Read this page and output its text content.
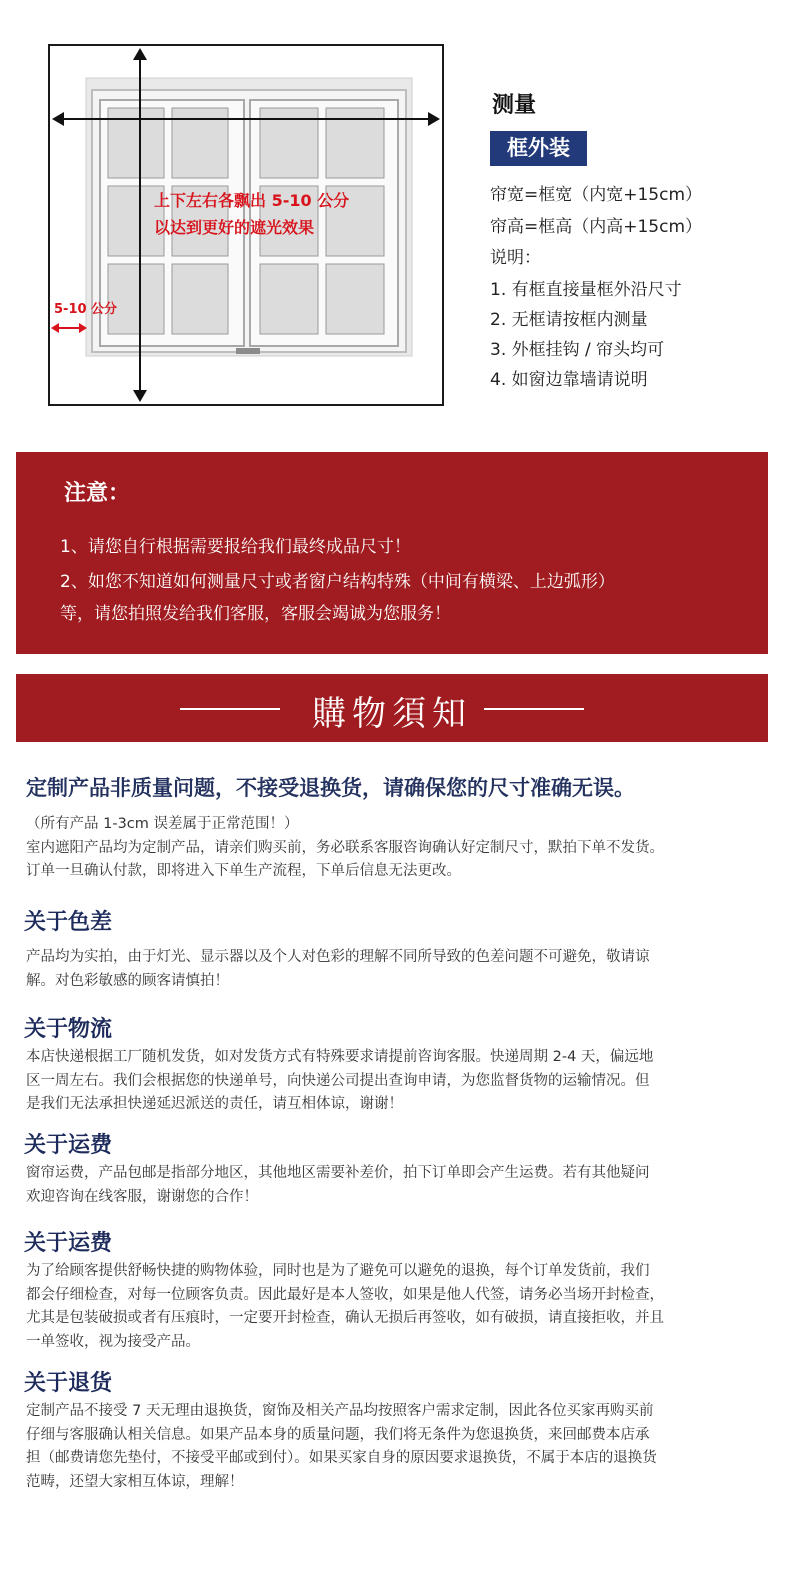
上下左右各飘出 5-10 公分
以达到更好的遮光效果
5-10 公分
测量
框外装
帘宽=框宽（内宽+15cm）
帘高=框高（内高+15cm）
说明：
1. 有框直接量框外沿尺寸
2. 无框请按框内测量
3. 外框挂钩 / 帘头均可
4. 如窗边靠墙请说明
注意：
1、请您自行根据需要报给我们最终成品尺寸！
2、如您不知道如何测量尺寸或者窗户结构特殊（中间有横梁、上边弧形）
等，请您拍照发给我们客服，客服会竭诚为您服务！
購物須知
定制产品非质量问题，不接受退换货，请确保您的尺寸准确无误。
（所有产品 1-3cm 误差属于正常范围！）
室内遮阳产品均为定制产品，请亲们购买前，务必联系客服咨询确认好定制尺寸，默拍下单不发货。
订单一旦确认付款，即将进入下单生产流程，下单后信息无法更改。
关于色差
产品均为实拍，由于灯光、显示器以及个人对色彩的理解不同所导致的色差问题不可避免，敬请谅
解。对色彩敏感的顾客请慎拍！
关于物流
本店快递根据工厂随机发货，如对发货方式有特殊要求请提前咨询客服。快递周期 2-4 天，偏远地
区一周左右。我们会根据您的快递单号，向快递公司提出查询申请，为您监督货物的运输情况。但
是我们无法承担快递延迟派送的责任，请互相体谅，谢谢！
关于运费
窗帘运费，产品包邮是指部分地区，其他地区需要补差价，拍下订单即会产生运费。若有其他疑问
欢迎咨询在线客服，谢谢您的合作！
关于运费
为了给顾客提供舒畅快捷的购物体验，同时也是为了避免可以避免的退换，每个订单发货前，我们
都会仔细检查，对每一位顾客负责。因此最好是本人签收，如果是他人代签，请务必当场开封检查，
尤其是包装破损或者有压痕时，一定要开封检查，确认无损后再签收，如有破损，请直接拒收，并且
一单签收，视为接受产品。
关于退货
定制产品不接受 7 天无理由退换货，窗饰及相关产品均按照客户需求定制，因此各位买家再购买前
仔细与客服确认相关信息。如果产品本身的质量问题，我们将无条件为您退换货，来回邮费本店承
担（邮费请您先垫付，不接受平邮或到付）。如果买家自身的原因要求退换货，不属于本店的退换货
范畴，还望大家相互体谅，理解！
